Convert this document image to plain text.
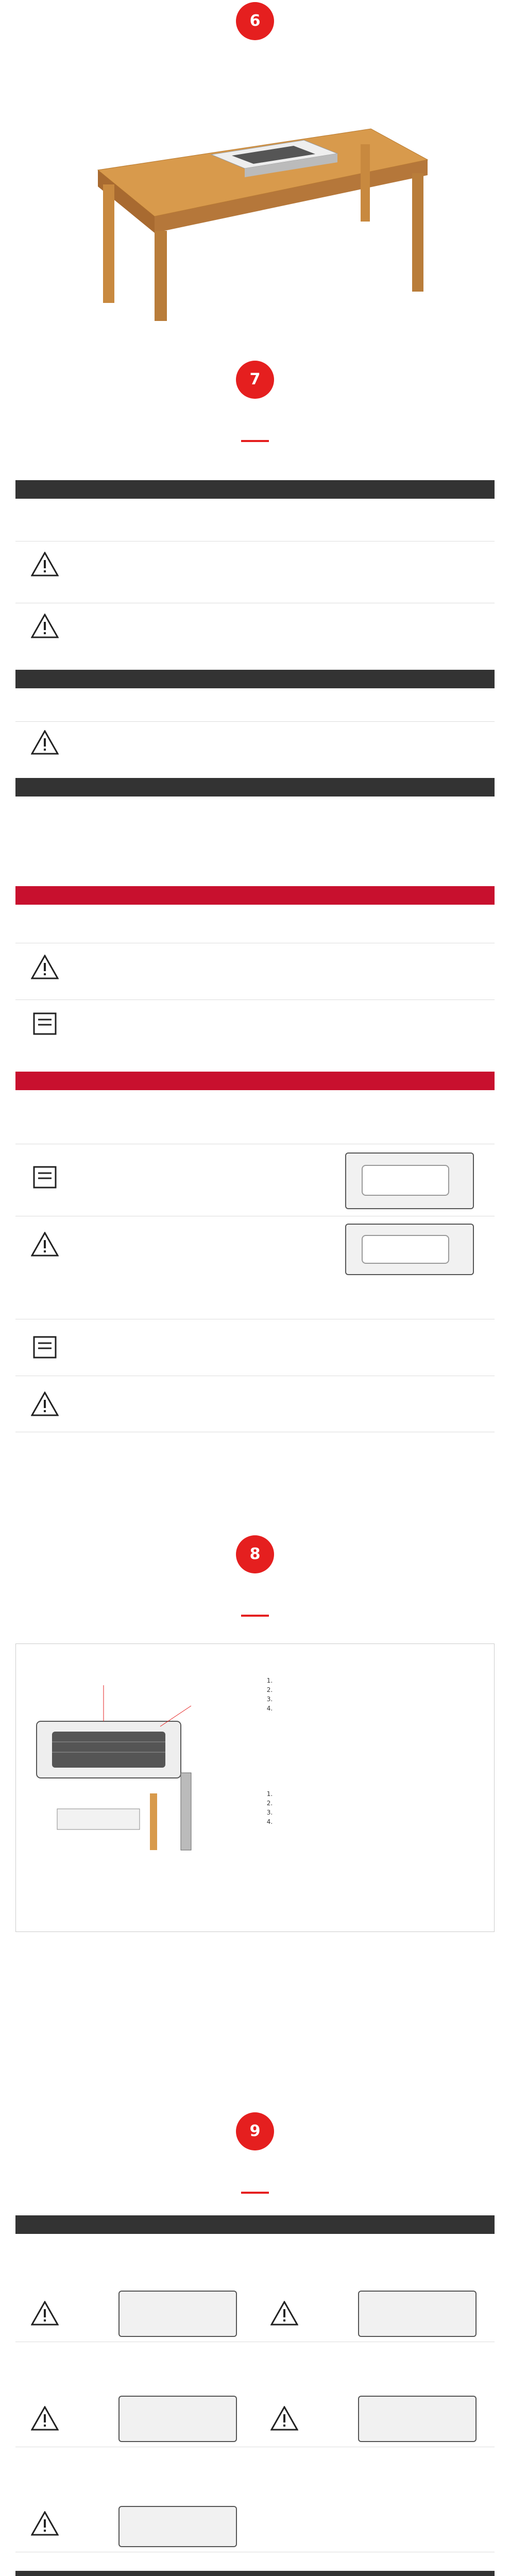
6
7
8
1.
2.
3.
4.
1.
2.
3.
4.
9
